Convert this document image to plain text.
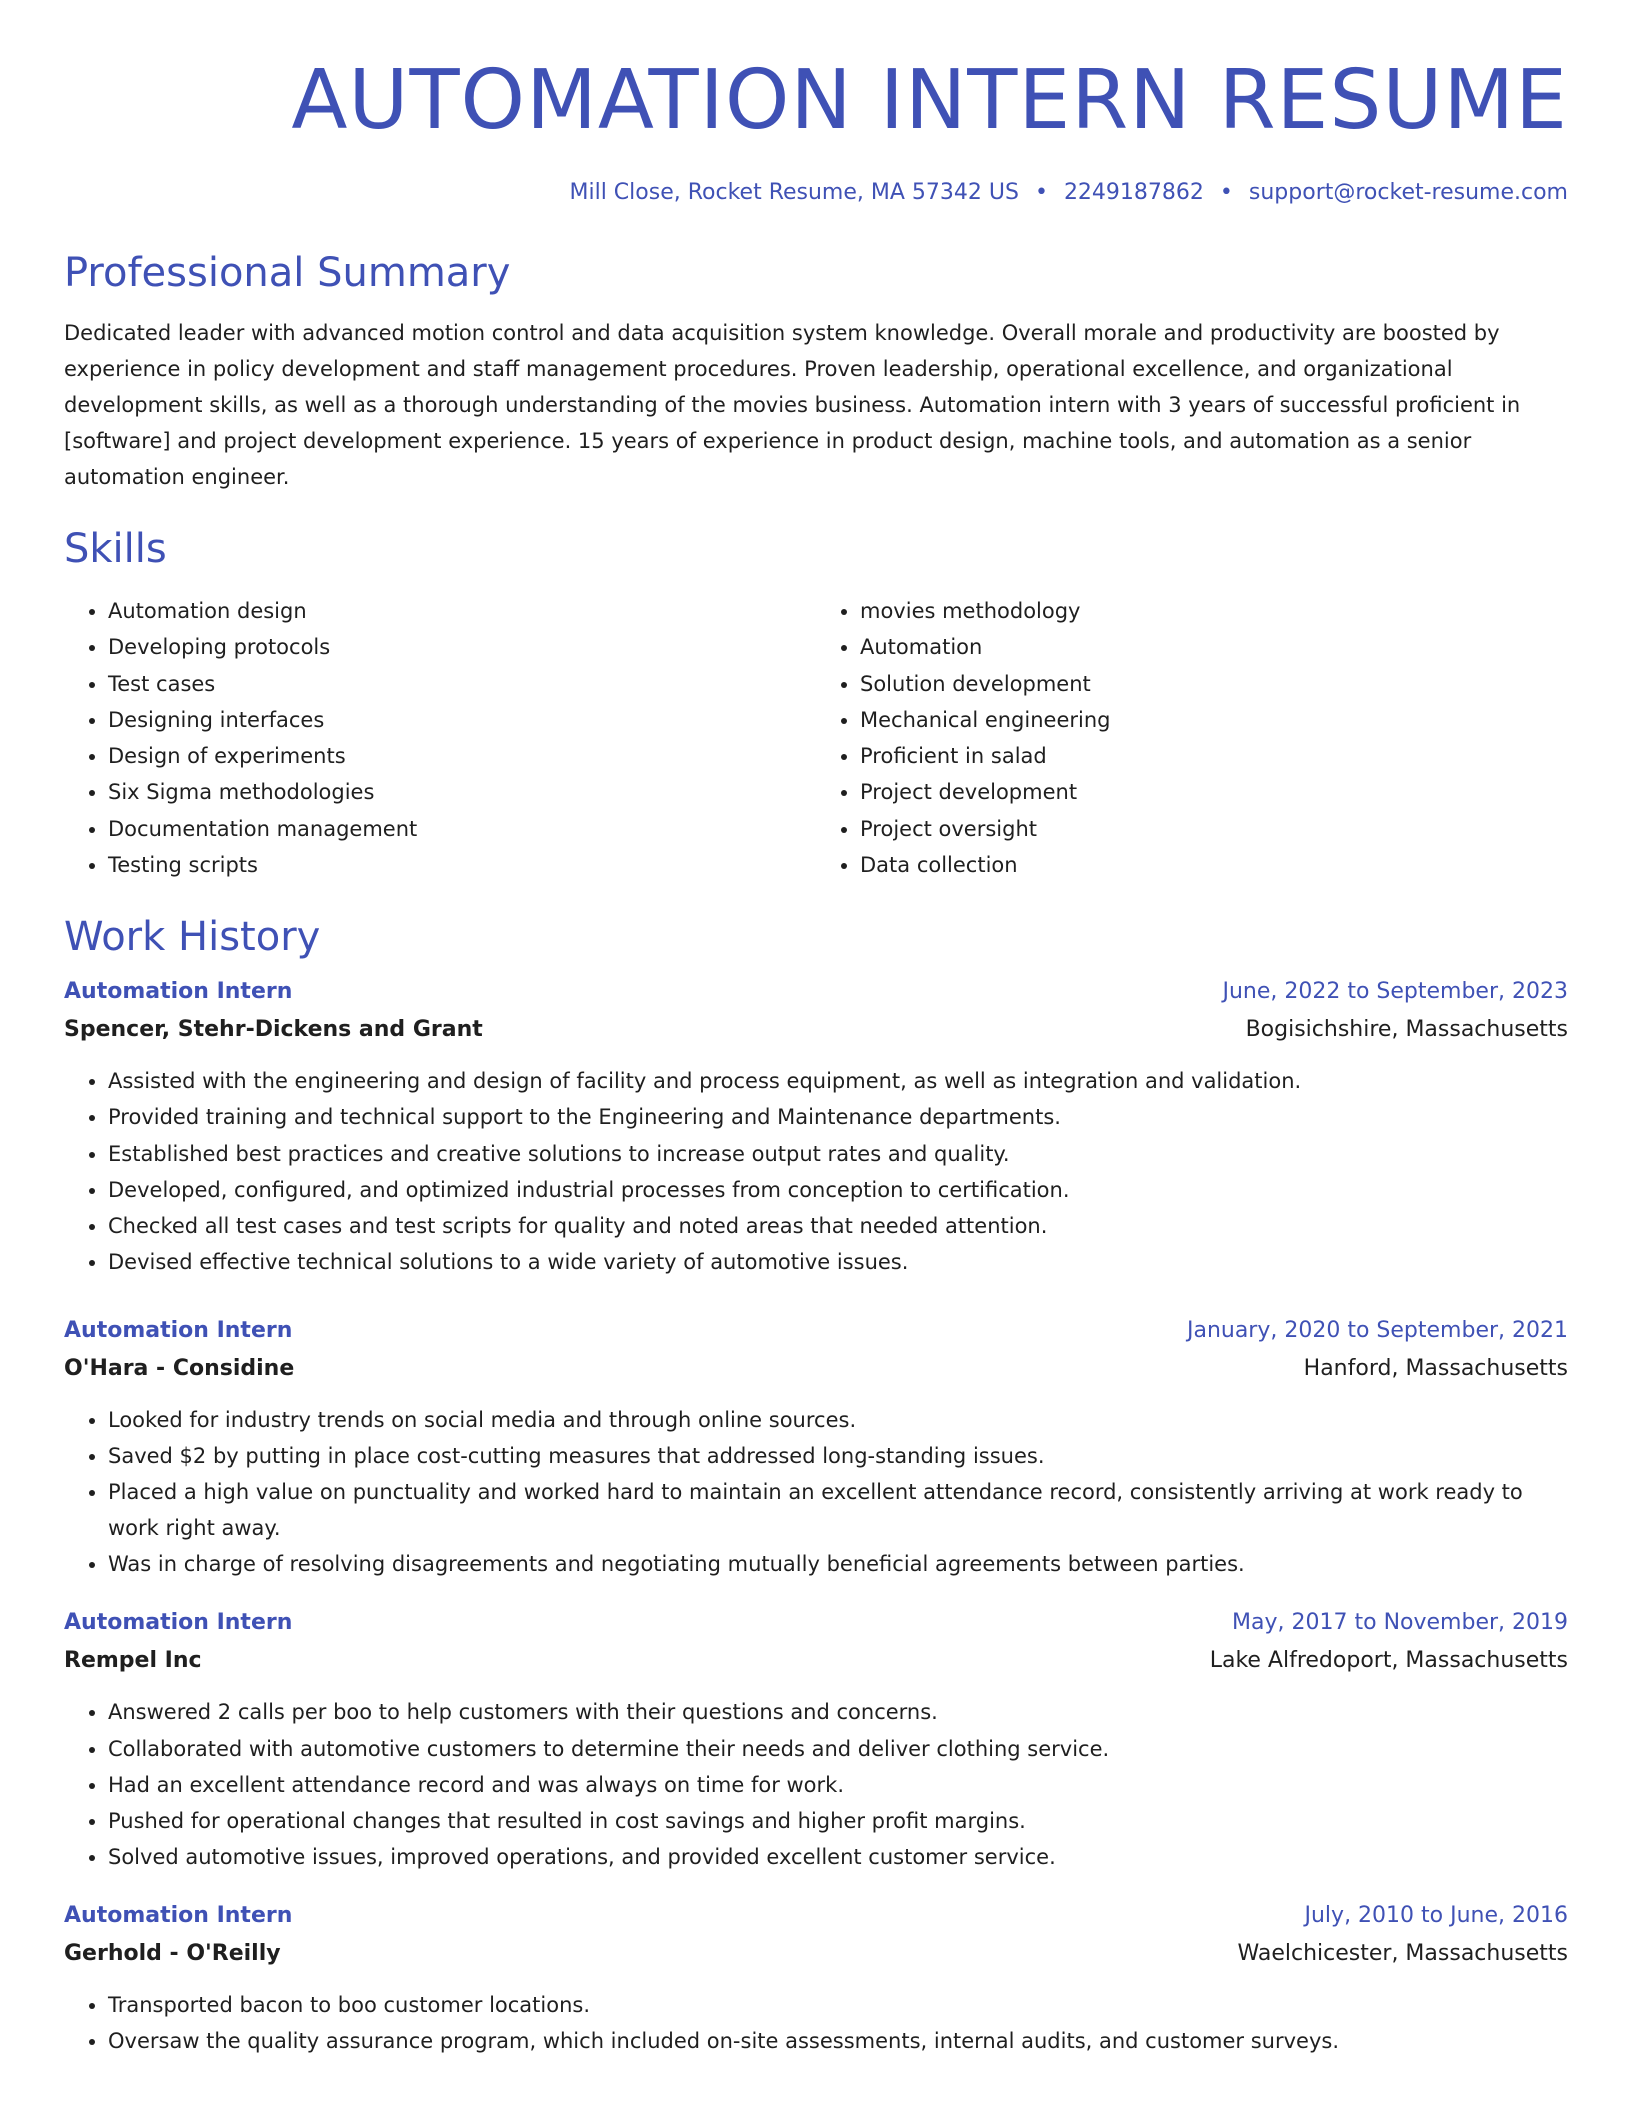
AUTOMATION INTERN RESUME
Mill Close, Rocket Resume, MA 57342 US • 2249187862 • support@rocket-resume.com
Professional Summary
Dedicated leader with advanced motion control and data acquisition system knowledge. Overall morale and productivity are boosted by experience in policy development and staff management procedures. Proven leadership, operational excellence, and organizational development skills, as well as a thorough understanding of the movies business. Automation intern with 3 years of successful proficient in [software] and project development experience. 15 years of experience in product design, machine tools, and automation as a senior automation engineer.
Skills
• Automation design
• Developing protocols
• Test cases
• Designing interfaces
• Design of experiments
• Six Sigma methodologies
• Documentation management
• Testing scripts
• movies methodology
• Automation
• Solution development
• Mechanical engineering
• Proficient in salad
• Project development
• Project oversight
• Data collection
Work History
Automation Intern	June, 2022 to September, 2023
Spencer, Stehr-Dickens and Grant	Bogisichshire, Massachusetts
• Assisted with the engineering and design of facility and process equipment, as well as integration and validation.
• Provided training and technical support to the Engineering and Maintenance departments.
• Established best practices and creative solutions to increase output rates and quality.
• Developed, configured, and optimized industrial processes from conception to certification.
• Checked all test cases and test scripts for quality and noted areas that needed attention.
• Devised effective technical solutions to a wide variety of automotive issues.
Automation Intern	January, 2020 to September, 2021
O'Hara - Considine	Hanford, Massachusetts
• Looked for industry trends on social media and through online sources.
• Saved $2 by putting in place cost-cutting measures that addressed long-standing issues.
• Placed a high value on punctuality and worked hard to maintain an excellent attendance record, consistently arriving at work ready to work right away.
• Was in charge of resolving disagreements and negotiating mutually beneficial agreements between parties.
Automation Intern	May, 2017 to November, 2019
Rempel Inc	Lake Alfredoport, Massachusetts
• Answered 2 calls per boo to help customers with their questions and concerns.
• Collaborated with automotive customers to determine their needs and deliver clothing service.
• Had an excellent attendance record and was always on time for work.
• Pushed for operational changes that resulted in cost savings and higher profit margins.
• Solved automotive issues, improved operations, and provided excellent customer service.
Automation Intern	July, 2010 to June, 2016
Gerhold - O'Reilly	Waelchicester, Massachusetts
• Transported bacon to boo customer locations.
• Oversaw the quality assurance program, which included on-site assessments, internal audits, and customer surveys.
